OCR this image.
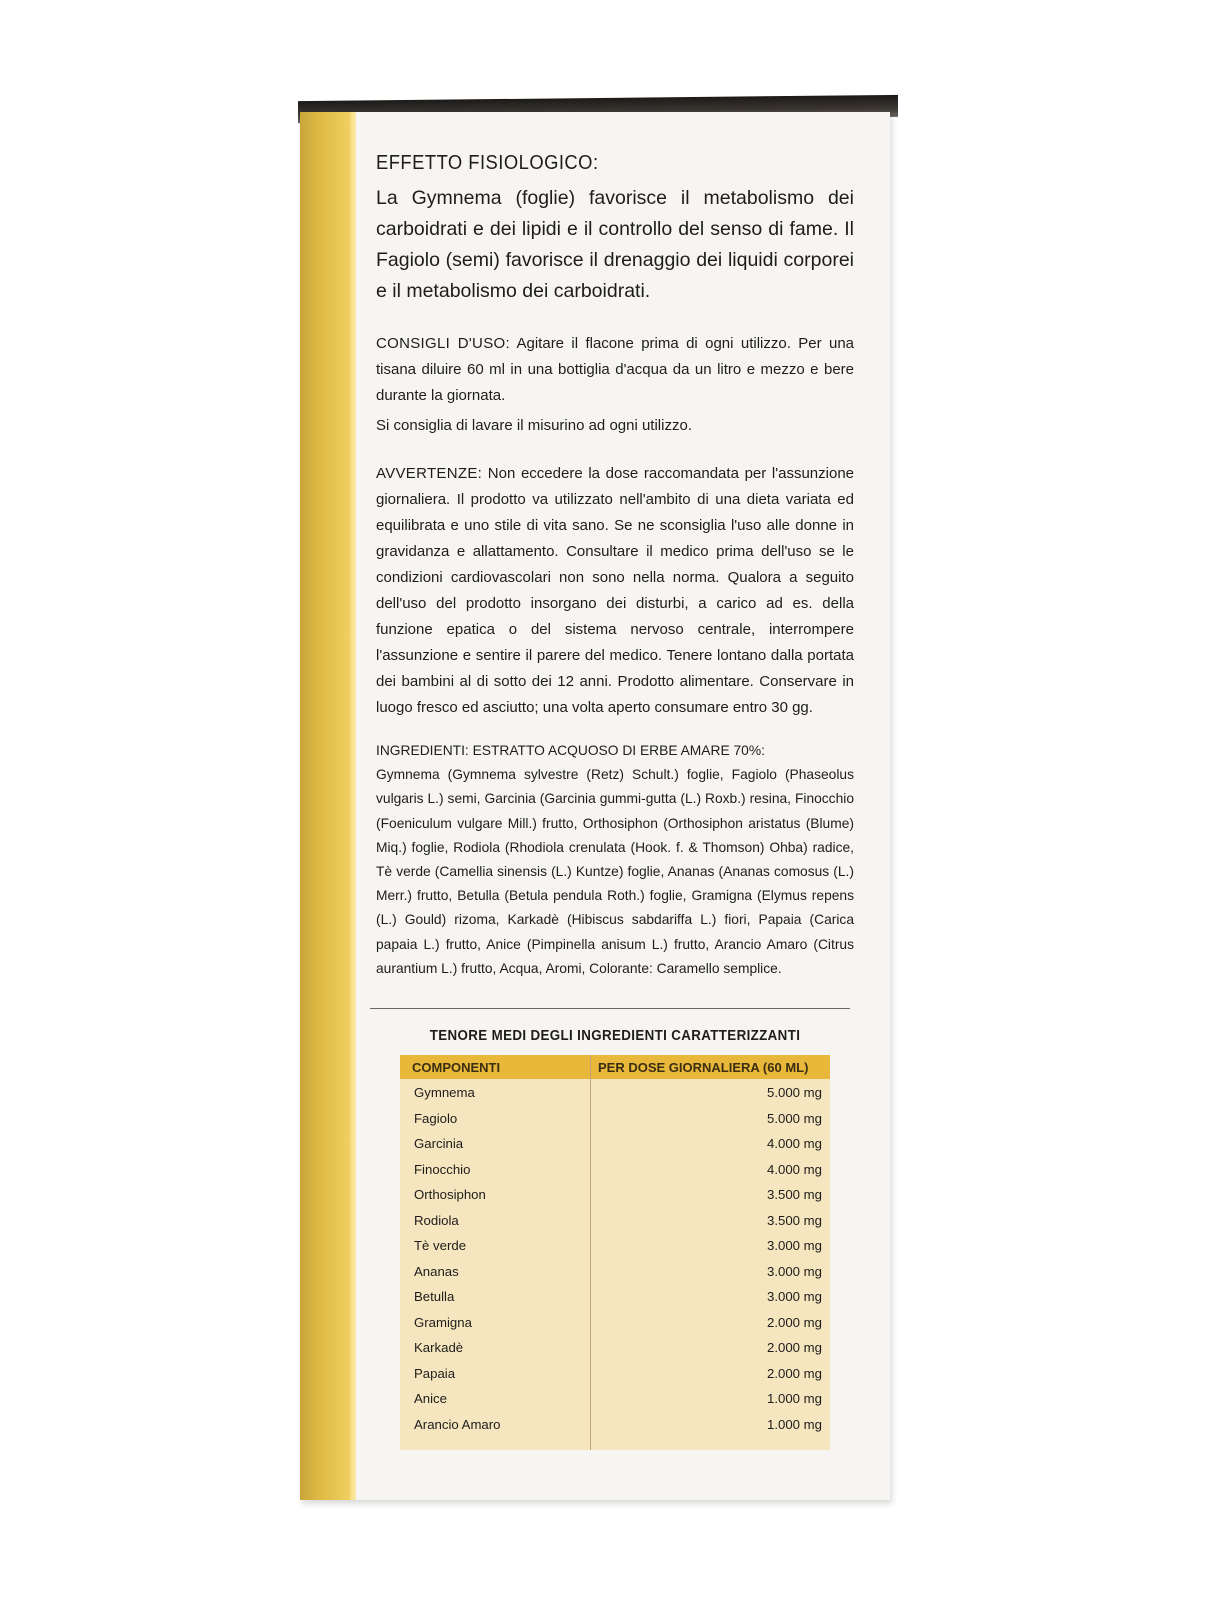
EFFETTO FISIOLOGICO:

La Gymnema (foglie) favorisce il metabolismo dei carboidrati e dei lipidi e il controllo del senso di fame. Il Fagiolo (semi) favorisce il drenaggio dei liquidi corporei e il metabolismo dei carboidrati.

CONSIGLI D'USO: Agitare il flacone prima di ogni utilizzo. Per una tisana diluire 60 ml in una bottiglia d'acqua da un litro e mezzo e bere durante la giornata.

Si consiglia di lavare il misurino ad ogni utilizzo.

AVVERTENZE: Non eccedere la dose raccomandata per l'assunzione giornaliera. Il prodotto va utilizzato nell'ambito di una dieta variata ed equilibrata e uno stile di vita sano. Se ne sconsiglia l'uso alle donne in gravidanza e allattamento. Consultare il medico prima dell'uso se le condizioni cardiovascolari non sono nella norma. Qualora a seguito dell'uso del prodotto insorgano dei disturbi, a carico ad es. della funzione epatica o del sistema nervoso centrale, interrompere l'assunzione e sentire il parere del medico. Tenere lontano dalla portata dei bambini al di sotto dei 12 anni. Prodotto alimentare. Conservare in luogo fresco ed asciutto; una volta aperto consumare entro 30 gg.

INGREDIENTI: ESTRATTO ACQUOSO DI ERBE AMARE 70%:
Gymnema (Gymnema sylvestre (Retz) Schult.) foglie, Fagiolo (Phaseolus vulgaris L.) semi, Garcinia (Garcinia gummi-gutta (L.) Roxb.) resina, Finocchio (Foeniculum vulgare Mill.) frutto, Orthosiphon (Orthosiphon aristatus (Blume) Miq.) foglie, Rodiola (Rhodiola crenulata (Hook. f. & Thomson) Ohba) radice, Tè verde (Camellia sinensis (L.) Kuntze) foglie, Ananas (Ananas comosus (L.) Merr.) frutto, Betulla (Betula pendula Roth.) foglie, Gramigna (Elymus repens (L.) Gould) rizoma, Karkadè (Hibiscus sabdariffa L.) fiori, Papaia (Carica papaia L.) frutto, Anice (Pimpinella anisum L.) frutto, Arancio Amaro (Citrus aurantium L.) frutto, Acqua, Aromi, Colorante: Caramello semplice.

TENORE MEDI DEGLI INGREDIENTI CARATTERIZZANTI
COMPONENTI	PER DOSE GIORNALIERA (60 ML)
Gymnema	5.000 mg
Fagiolo	5.000 mg
Garcinia	4.000 mg
Finocchio	4.000 mg
Orthosiphon	3.500 mg
Rodiola	3.500 mg
Tè verde	3.000 mg
Ananas	3.000 mg
Betulla	3.000 mg
Gramigna	2.000 mg
Karkadè	2.000 mg
Papaia	2.000 mg
Anice	1.000 mg
Arancio Amaro	1.000 mg
